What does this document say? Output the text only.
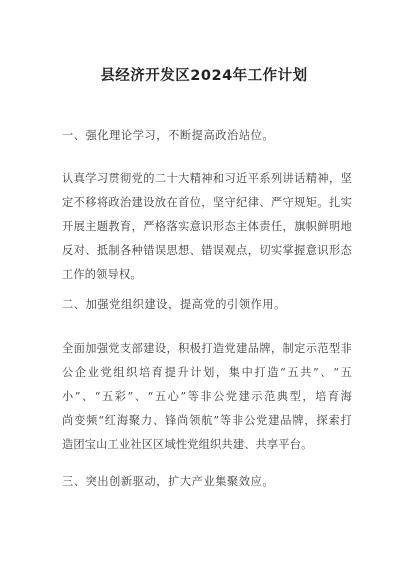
县经济开发区2024年工作计划
一、强化理论学习，不断提高政治站位。
认真学习贯彻党的二十大精神和习近平系列讲话精神，坚
定不移将政治建设放在首位，坚守纪律、严守规矩。扎实
开展主题教育，严格落实意识形态主体责任，旗帜鲜明地
反对、抵制各种错误思想、错误观点，切实掌握意识形态
工作的领导权。
二、加强党组织建设，提高党的引领作用。
全面加强党支部建设，积极打造党建品牌，制定示范型非
公企业党组织培育提升计划，集中打造“五共”、“五
小”、“五彩”、“五心”等非公党建示范典型，培育海
尚变频“红海聚力、锋尚领航”等非公党建品牌，探索打
造团宝山工业社区区域性党组织共建、共享平台。
三、突出创新驱动，扩大产业集聚效应。
